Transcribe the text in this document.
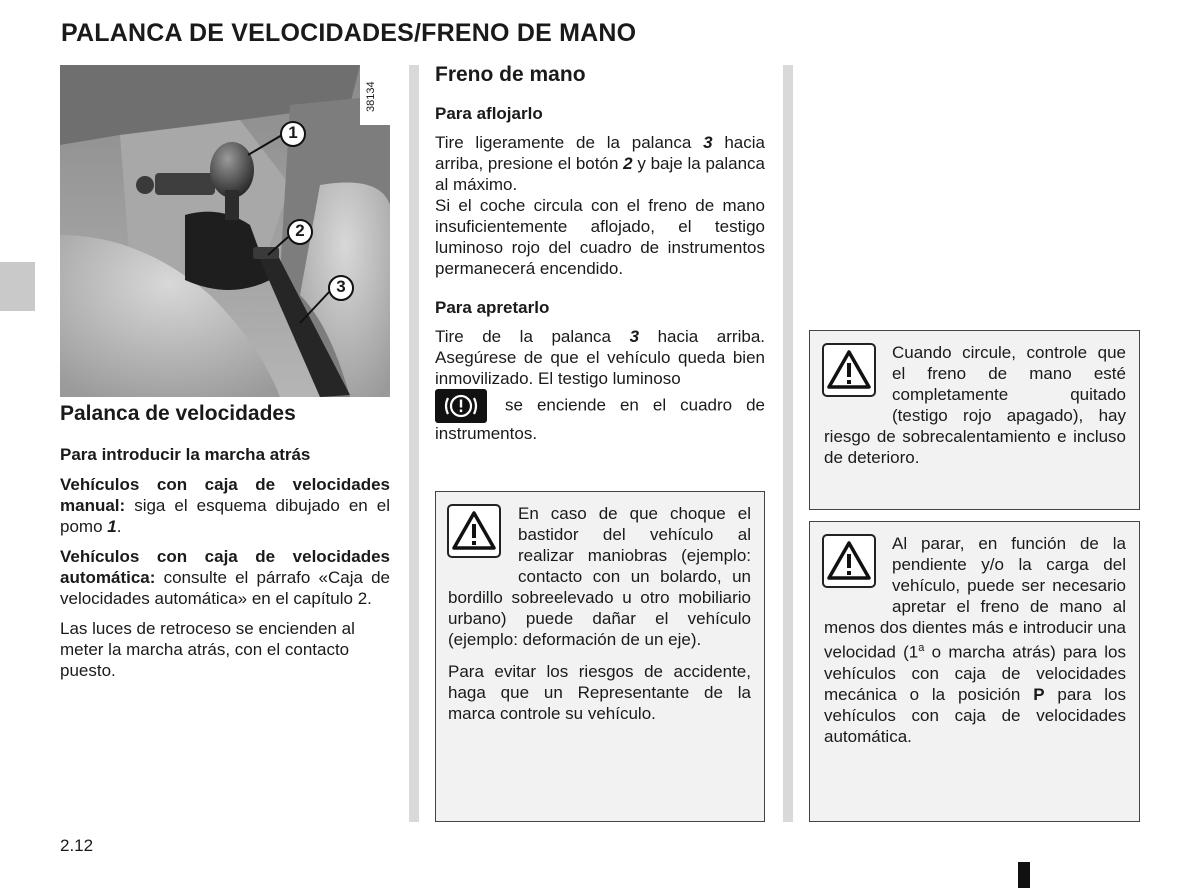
PALANCA DE VELOCIDADES/FRENO DE MANO
38134
1
2
3
Palanca de velocidades
Para introducir la marcha atrás

Vehículos con caja de velocidades manual: siga el esquema dibujado en el pomo 1.

Vehículos con caja de velocidades automática: consulte el párrafo «Caja de velocidades automática» en el capítulo 2.

Las luces de retroceso se encienden al meter la marcha atrás, con el contacto puesto.

Freno de mano
Para aflojarlo

Tire ligeramente de la palanca 3 hacia arriba, presione el botón 2 y baje la palanca al máximo.

Si el coche circula con el freno de mano insuficientemente aflojado, el testigo luminoso rojo del cuadro de instrumentos permanecerá encendido.

Para apretarlo

Tire de la palanca 3 hacia arriba. Asegúrese de que el vehículo queda bien inmovilizado. El testigo luminoso
se enciende en el cuadro de instrumentos.

En caso de que choque el bastidor del vehículo al realizar maniobras (ejemplo: contacto con un bolardo, un bordillo sobreelevado u otro mobiliario urbano) puede dañar el vehículo (ejemplo: deformación de un eje).

Para evitar los riesgos de accidente, haga que un Representante de la marca controle su vehículo.

Cuando circule, controle que el freno de mano esté completamente quitado (testigo rojo apagado), hay riesgo de sobrecalentamiento e incluso de deterioro.

Al parar, en función de la pendiente y/o la carga del vehículo, puede ser necesario apretar el freno de mano al menos dos dientes más e introducir una velocidad (1$^a$ o marcha atrás) para los vehículos con caja de velocidades mecánica o la posición P para los vehículos con caja de velocidades automática.

2.12
